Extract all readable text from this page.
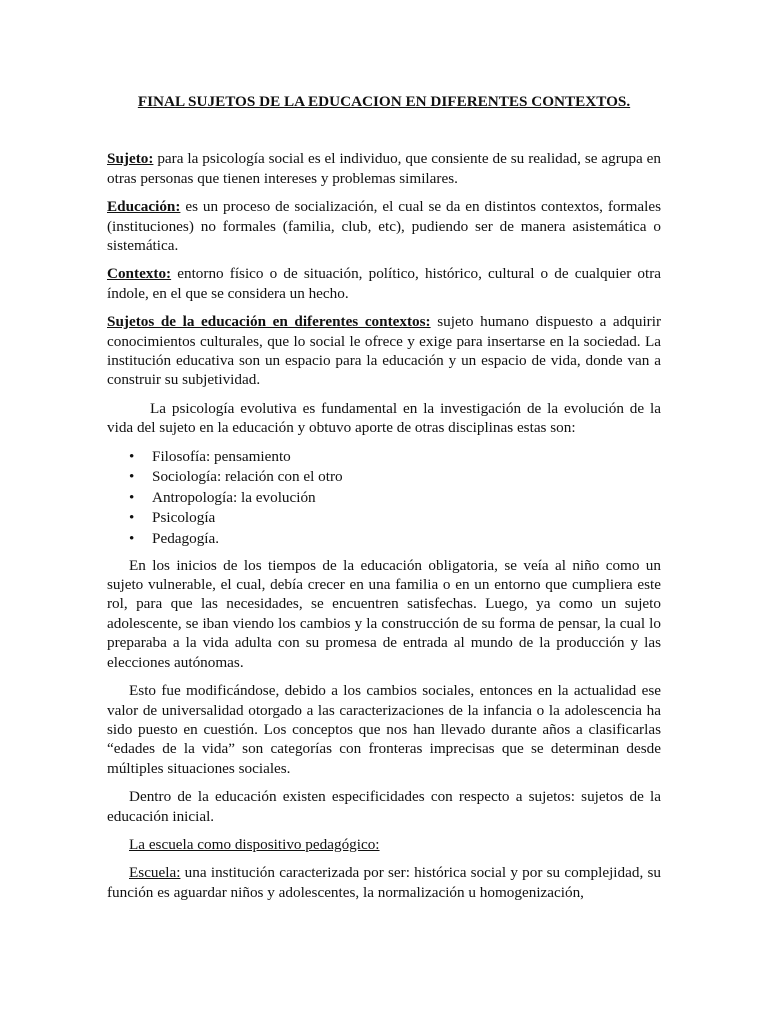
FINAL SUJETOS DE LA EDUCACION EN DIFERENTES CONTEXTOS.

Sujeto: para la psicología social es el individuo, que consiente de su realidad, se agrupa en otras personas que tienen intereses y problemas similares.

Educación: es un proceso de socialización, el cual se da en distintos contextos, formales (instituciones) no formales (familia, club, etc), pudiendo ser de manera asistemática o sistemática.

Contexto: entorno físico o de situación, político, histórico, cultural o de cualquier otra índole, en el que se considera un hecho.

Sujetos de la educación en diferentes contextos: sujeto humano dispuesto a adquirir conocimientos culturales, que lo social le ofrece y exige para insertarse en la sociedad. La institución educativa son un espacio para la educación y un espacio de vida, donde van a construir su subjetividad.

La psicología evolutiva es fundamental en la investigación de la evolución de la vida del sujeto en la educación y obtuvo aporte de otras disciplinas estas son:

• Filosofía: pensamiento
• Sociología: relación con el otro
• Antropología: la evolución
• Psicología
• Pedagogía.

En los inicios de los tiempos de la educación obligatoria, se veía al niño como un sujeto vulnerable, el cual, debía crecer en una familia o en un entorno que cumpliera este rol, para que las necesidades, se encuentren satisfechas. Luego, ya como un sujeto adolescente, se iban viendo los cambios y la construcción de su forma de pensar, la cual lo preparaba a la vida adulta con su promesa de entrada al mundo de la producción y las elecciones autónomas.

Esto fue modificándose, debido a los cambios sociales, entonces en la actualidad ese valor de universalidad otorgado a las caracterizaciones de la infancia o la adolescencia ha sido puesto en cuestión. Los conceptos que nos han llevado durante años a clasificarlas “edades de la vida” son categorías con fronteras imprecisas que se determinan desde múltiples situaciones sociales.

Dentro de la educación existen especificidades con respecto a sujetos: sujetos de la educación inicial.

La escuela como dispositivo pedagógico:

Escuela: una institución caracterizada por ser: histórica social y por su complejidad, su función es aguardar niños y adolescentes, la normalización u homogenización,
